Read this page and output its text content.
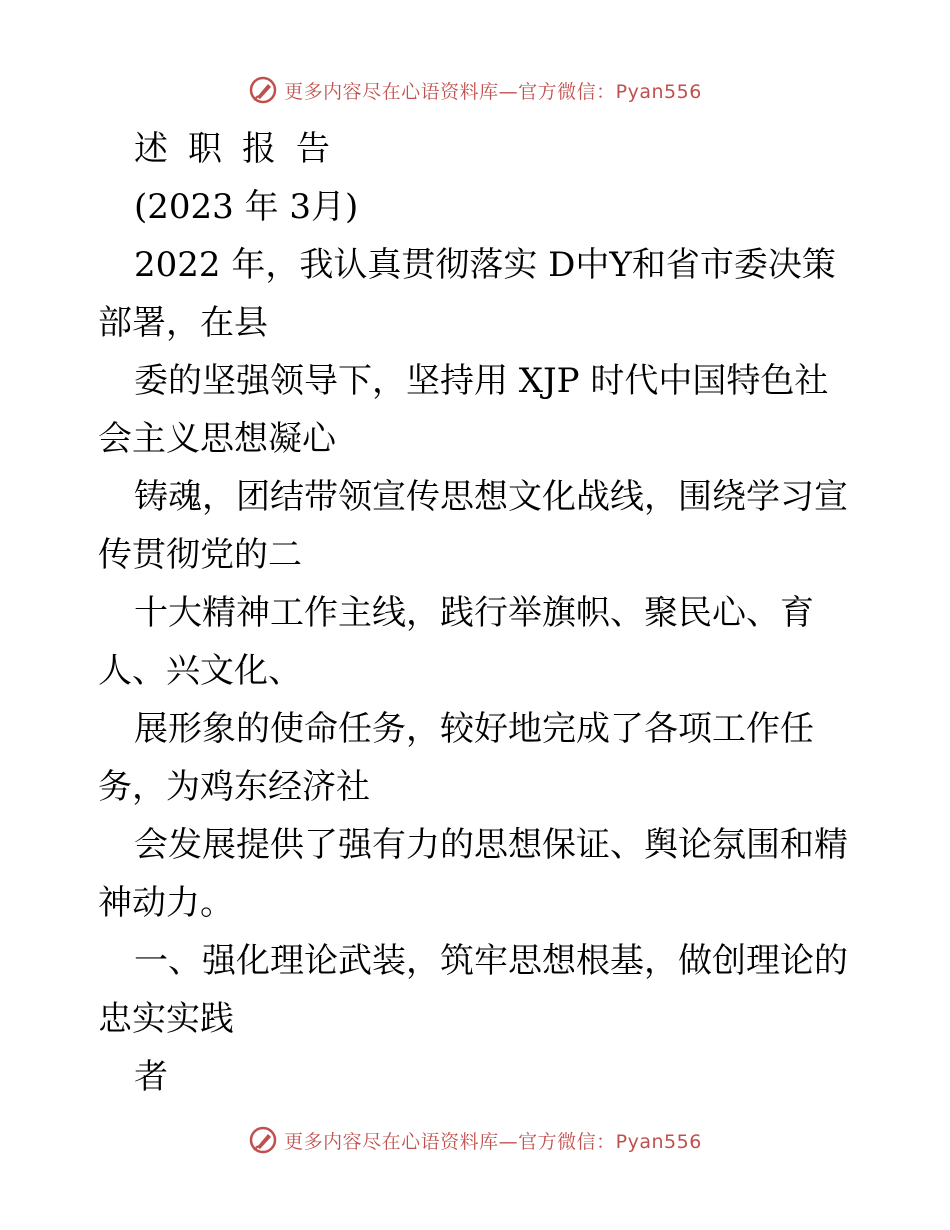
更多内容尽在心语资料库—官方微信：Pyan556
述职报告
(2023 年 3月)
2022 年，我认真贯彻落实 D中Y和省市委决策
部署，在县
委的坚强领导下，坚持用 XJP 时代中国特色社
会主义思想凝心
铸魂，团结带领宣传思想文化战线，围绕学习宣
传贯彻党的二
十大精神工作主线，践行举旗帜、聚民心、育
人、兴文化、
展形象的使命任务，较好地完成了各项工作任
务，为鸡东经济社
会发展提供了强有力的思想保证、舆论氛围和精
神动力。
一、强化理论武装，筑牢思想根基，做创理论的
忠实实践
者
更多内容尽在心语资料库—官方微信：Pyan556
